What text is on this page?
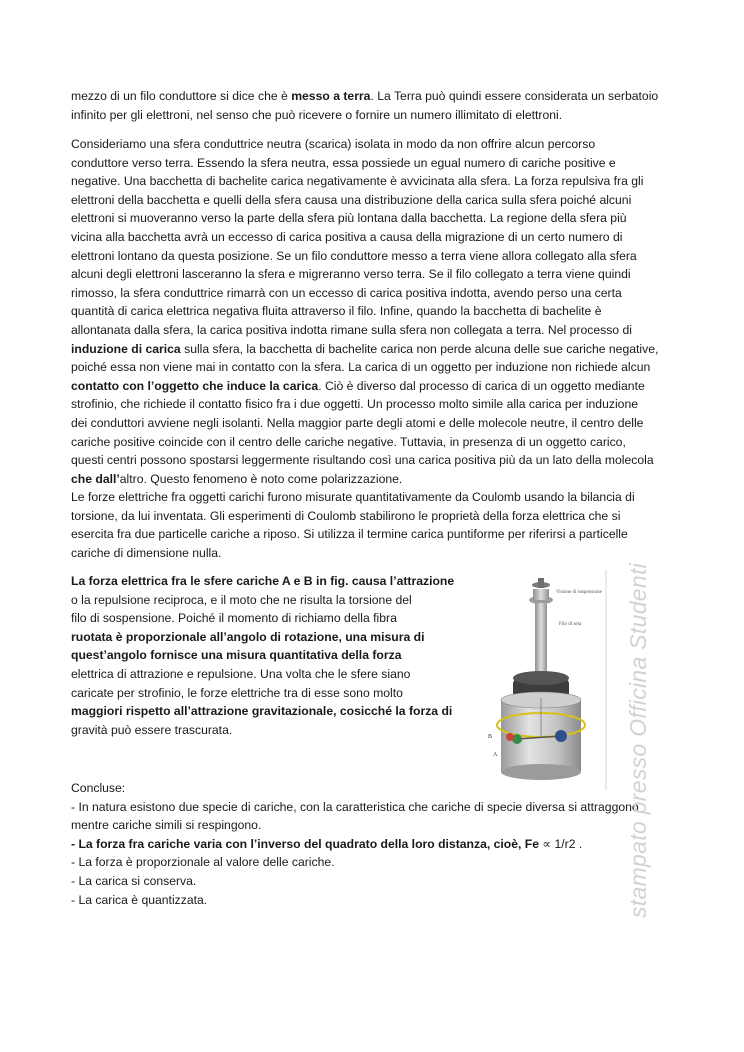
mezzo di un filo conduttore si dice che è messo a terra. La Terra può quindi essere considerata un serbatoio
infinito per gli elettroni, nel senso che può ricevere o fornire un numero illimitato di elettroni.
Consideriamo una sfera conduttrice neutra (scarica) isolata in modo da non offrire alcun percorso
conduttore verso terra. Essendo la sfera neutra, essa possiede un egual numero di cariche positive e
negative. Una bacchetta di bachelite carica negativamente è avvicinata alla sfera. La forza repulsiva fra gli
elettroni della bacchetta e quelli della sfera causa una distribuzione della carica sulla sfera poiché alcuni
elettroni si muoveranno verso la parte della sfera più lontana dalla bacchetta. La regione della sfera più
vicina alla bacchetta avrà un eccesso di carica positiva a causa della migrazione di un certo numero di
elettroni lontano da questa posizione. Se un filo conduttore messo a terra viene allora collegato alla sfera
alcuni degli elettroni lasceranno la sfera e migreranno verso terra. Se il filo collegato a terra viene quindi
rimosso, la sfera conduttrice rimarrà con un eccesso di carica positiva indotta, avendo perso una certa
quantità di carica elettrica negativa fluita attraverso il filo. Infine, quando la bacchetta di bachelite è
allontanata dalla sfera, la carica positiva indotta rimane sulla sfera non collegata a terra. Nel processo di
induzione di carica sulla sfera, la bacchetta di bachelite carica non perde alcuna delle sue cariche negative,
poiché essa non viene mai in contatto con la sfera. La carica di un oggetto per induzione non richiede alcun
contatto con l’oggetto che induce la carica. Ciò è diverso dal processo di carica di un oggetto mediante
strofinio, che richiede il contatto fisico fra i due oggetti. Un processo molto simile alla carica per induzione
dei conduttori avviene negli isolanti. Nella maggior parte degli atomi e delle molecole neutre, il centro delle
cariche positive coincide con il centro delle cariche negative. Tuttavia, in presenza di un oggetto carico,
questi centri possono spostarsi leggermente risultando così una carica positiva più da un lato della molecola
che dall’altro. Questo fenomeno è noto come polarizzazione.
Le forze elettriche fra oggetti carichi furono misurate quantitativamente da Coulomb usando la bilancia di
torsione, da lui inventata. Gli esperimenti di Coulomb stabilirono le proprietà della forza elettrica che si
esercita fra due particelle cariche a riposo. Si utilizza il termine carica puntiforme per riferirsi a particelle
cariche di dimensione nulla.
La forza elettrica fra le sfere cariche A e B in fig. causa l’attrazione
o la repulsione reciproca, e il moto che ne risulta la torsione del
filo di sospensione. Poiché il momento di richiamo della fibra
ruotata è proporzionale all’angolo di rotazione, una misura di
quest’angolo fornisce una misura quantitativa della forza
elettrica di attrazione e repulsione. Una volta che le sfere siano
caricate per strofinio, le forze elettriche tra di esse sono molto
maggiori rispetto all’attrazione gravitazionale, cosicché la forza di
gravità può essere trascurata.
Concluse:
- In natura esistono due specie di cariche, con la caratteristica che cariche di specie diversa si attraggono
mentre cariche simili si respingono.
- La forza fra cariche varia con l’inverso del quadrato della loro distanza, cioè, Fe ∝ 1/r2 .
- La forza è proporzionale al valore delle cariche.
- La carica si conserva.
- La carica è quantizzata.
Visione di sospensione
Filo di seta
B
A	stampato presso Officina Studenti
